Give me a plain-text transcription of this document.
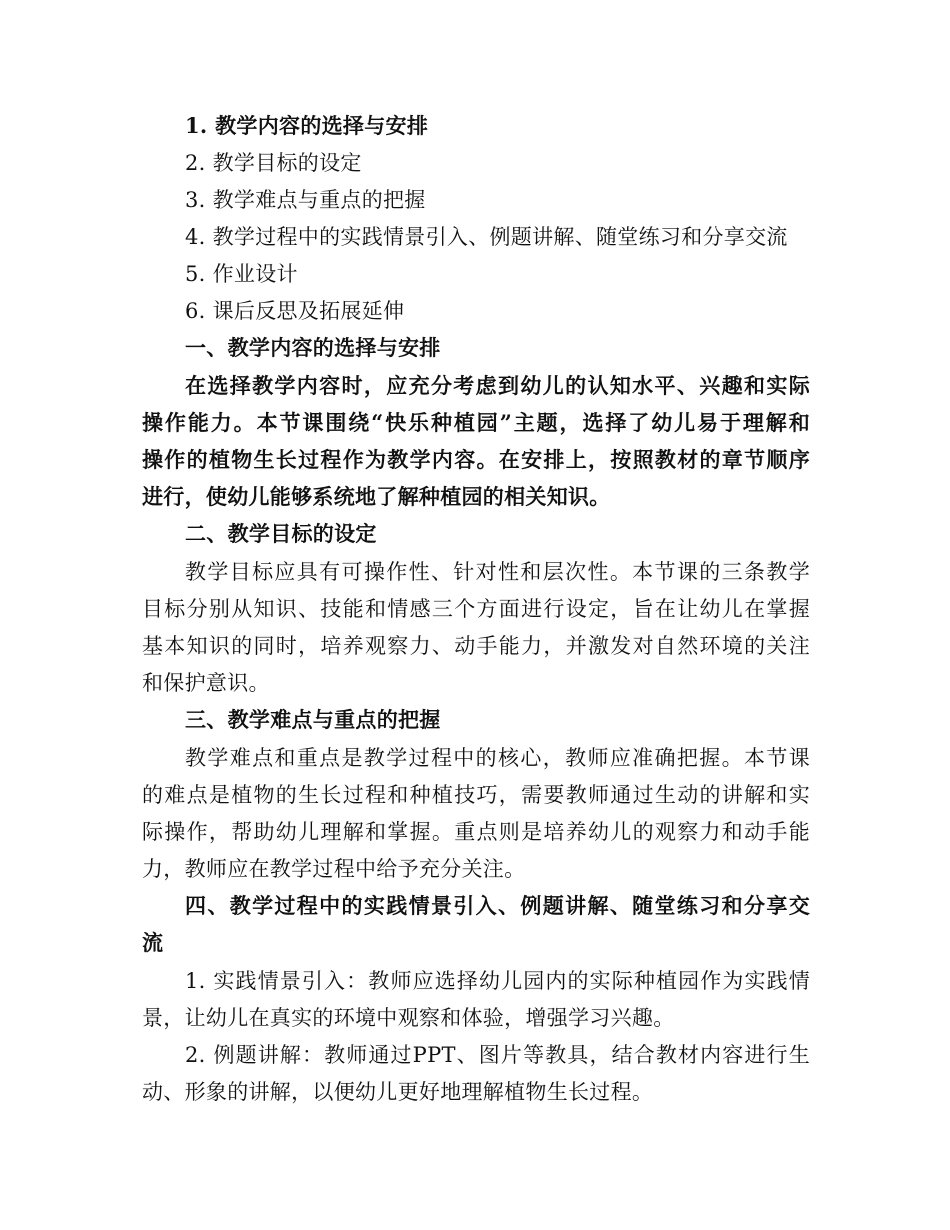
1. 教学内容的选择与安排
2. 教学目标的设定
3. 教学难点与重点的把握
4. 教学过程中的实践情景引入、例题讲解、随堂练习和分享交流
5. 作业设计
6. 课后反思及拓展延伸
一、教学内容的选择与安排
在选择教学内容时，应充分考虑到幼儿的认知水平、兴趣和实际
操作能力。本节课围绕“快乐种植园”主题，选择了幼儿易于理解和
操作的植物生长过程作为教学内容。在安排上，按照教材的章节顺序
进行，使幼儿能够系统地了解种植园的相关知识。
二、教学目标的设定
教学目标应具有可操作性、针对性和层次性。本节课的三条教学
目标分别从知识、技能和情感三个方面进行设定，旨在让幼儿在掌握
基本知识的同时，培养观察力、动手能力，并激发对自然环境的关注
和保护意识。
三、教学难点与重点的把握
教学难点和重点是教学过程中的核心，教师应准确把握。本节课
的难点是植物的生长过程和种植技巧，需要教师通过生动的讲解和实
际操作，帮助幼儿理解和掌握。重点则是培养幼儿的观察力和动手能
力，教师应在教学过程中给予充分关注。
四、教学过程中的实践情景引入、例题讲解、随堂练习和分享交
流
1. 实践情景引入：教师应选择幼儿园内的实际种植园作为实践情
景，让幼儿在真实的环境中观察和体验，增强学习兴趣。
2. 例题讲解：教师通过PPT、图片等教具，结合教材内容进行生
动、形象的讲解，以便幼儿更好地理解植物生长过程。
